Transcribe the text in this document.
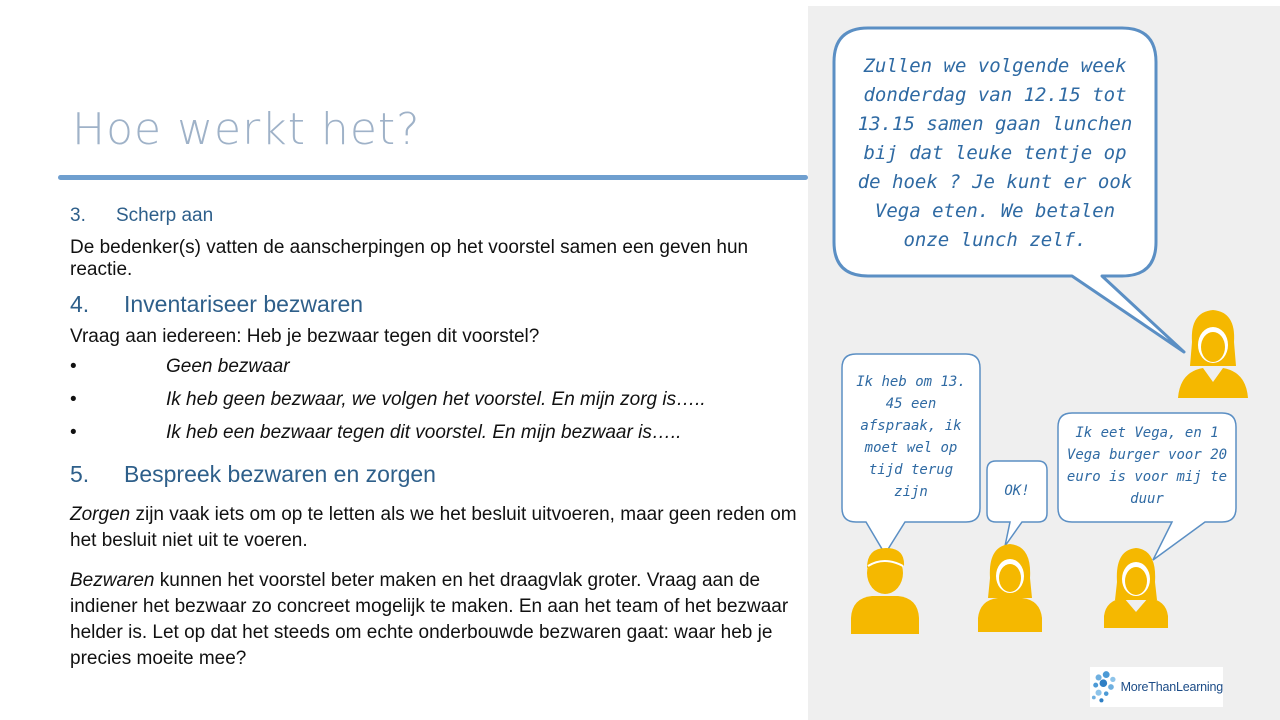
Hoe werkt het?
3. Scherp aan
De bedenker(s) vatten de aanscherpingen op het voorstel samen een geven hun reactie.
4. Inventariseer bezwaren
Vraag aan iedereen: Heb je bezwaar tegen dit voorstel?
•	Geen bezwaar
•	Ik heb geen bezwaar, we volgen het voorstel. En mijn zorg is…..
•	Ik heb een bezwaar tegen dit voorstel. En mijn bezwaar is…..
5. Bespreek bezwaren en zorgen
Zorgen zijn vaak iets om op te letten als we het besluit uitvoeren, maar geen reden om het besluit niet uit te voeren.
Bezwaren kunnen het voorstel beter maken en het draagvlak groter. Vraag aan de indiener het bezwaar zo concreet mogelijk te maken. En aan het team of het bezwaar helder is. Let op dat het steeds om echte onderbouwde bezwaren gaat: waar heb je precies moeite mee?
Zullen we volgende week donderdag van 12.15 tot 13.15 samen gaan lunchen bij dat leuke tentje op de hoek ? Je kunt er ook Vega eten. We betalen onze lunch zelf.
Ik heb om 13. 45 een afspraak, ik moet wel op tijd terug zijn	OK!
Ik eet Vega, en 1 Vega burger voor 20 euro is voor mij te duur
MoreThanLearning
